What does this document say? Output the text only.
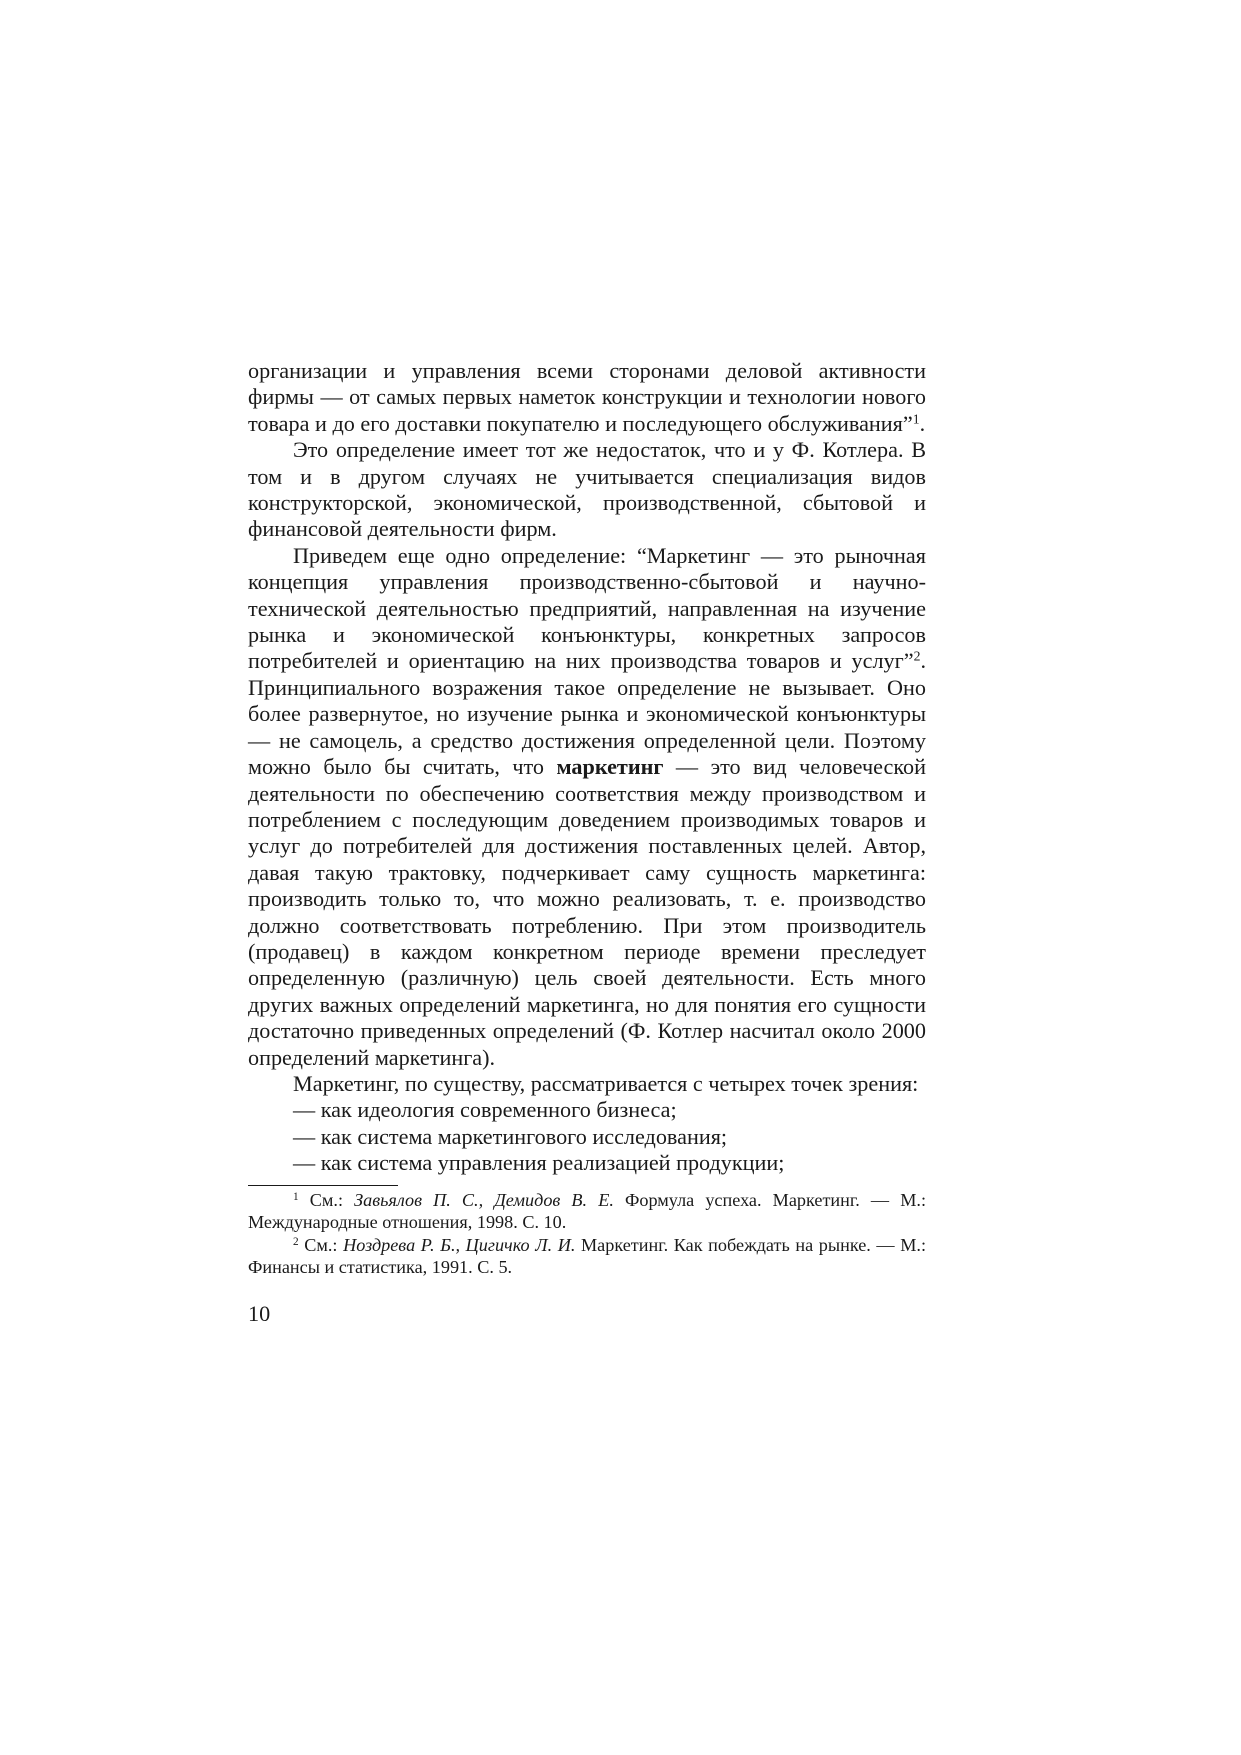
организации и управления всеми сторонами деловой активности фирмы — от самых первых наметок конструкции и технологии нового товара и до его доставки покупателю и последующего обслуживания”$^1$.

Это определение имеет тот же недостаток, что и у Ф. Котлера. В том и в другом случаях не учитывается специализация видов конструкторской, экономической, производственной, сбытовой и финансовой деятельности фирм.

Приведем еще одно определение: “Маркетинг — это рыночная концепция управления производственно-сбытовой и научно-технической деятельностью предприятий, направленная на изучение рынка и экономической конъюнктуры, конкретных запросов потребителей и ориентацию на них производства товаров и услуг”$^2$. Принципиального возражения такое определение не вызывает. Оно более развернутое, но изучение рынка и экономической конъюнктуры — не самоцель, а средство достижения определенной цели. Поэтому можно было бы считать, что маркетинг — это вид человеческой деятельности по обеспечению соответствия между производством и потреблением с последующим доведением производимых товаров и услуг до потребителей для достижения поставленных целей. Автор, давая такую трактовку, подчеркивает саму сущность маркетинга: производить только то, что можно реализовать, т. е. производство должно соответствовать потреблению. При этом производитель (продавец) в каждом конкретном периоде времени преследует определенную (различную) цель своей деятельности. Есть много других важных определений маркетинга, но для понятия его сущности достаточно приведенных определений (Ф. Котлер насчитал около 2000 определений маркетинга).

Маркетинг, по существу, рассматривается с четырех точек зрения:

— как идеология современного бизнеса;
— как система маркетингового исследования;
— как система управления реализацией продукции;

$^1$ См.: Завьялов П. С., Демидов В. Е. Формула успеха. Маркетинг. — М.: Международные отношения, 1998. С. 10.

$^2$ См.: Ноздрева Р. Б., Цигичко Л. И. Маркетинг. Как побеждать на рынке. — М.: Финансы и статистика, 1991. С. 5.

10
